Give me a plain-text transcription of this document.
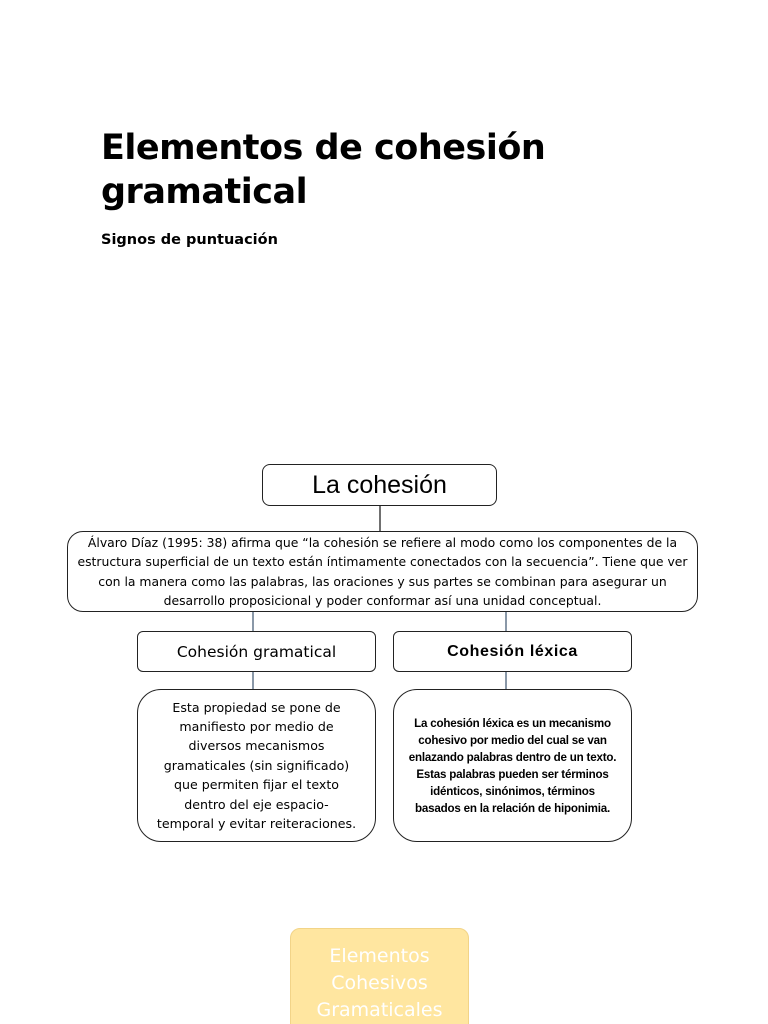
Elementos de cohesión gramatical
Signos de puntuación
La cohesión
Álvaro Díaz (1995: 38) afirma que “la cohesión se refiere al modo como los componentes de la estructura superficial de un texto están íntimamente conectados con la secuencia”. Tiene que ver con la manera como las palabras, las oraciones y sus partes se combinan para asegurar un desarrollo proposicional y poder conformar así una unidad conceptual.
Cohesión gramatical	Cohesión léxica
Esta propiedad se pone de manifiesto por medio de diversos mecanismos gramaticales (sin significado) que permiten fijar el texto dentro del eje espacio-temporal y evitar reiteraciones.
La cohesión léxica es un mecanismo cohesivo por medio del cual se van enlazando palabras dentro de un texto. Estas palabras pueden ser términos idénticos, sinónimos, términos basados en la relación de hiponimia.
Elementos
Cohesivos
Gramaticales
